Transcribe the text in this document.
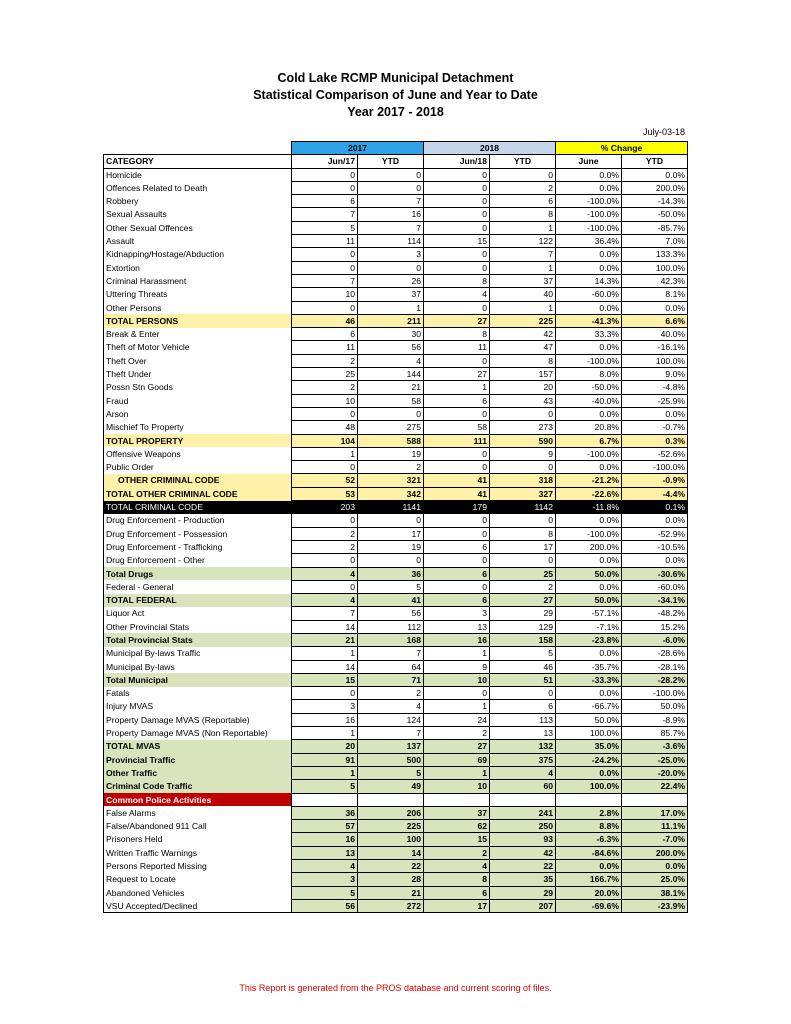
Cold Lake RCMP Municipal Detachment
Statistical Comparison of June and Year to Date
Year 2017 - 2018
July-03-18
	2017		2018		% Change	
CATEGORY	Jun/17	YTD	Jun/18	YTD	June	YTD
Homicide	0	0	0	0	0.0%	0.0%
Offences Related to Death	0	0	0	2	0.0%	200.0%
Robbery	6	7	0	6	-100.0%	-14.3%
Sexual Assaults	7	16	0	8	-100.0%	-50.0%
Other Sexual Offences	5	7	0	1	-100.0%	-85.7%
Assault	11	114	15	122	36.4%	7.0%
Kidnapping/Hostage/Abduction	0	3	0	7	0.0%	133.3%
Extortion	0	0	0	1	0.0%	100.0%
Criminal Harassment	7	26	8	37	14.3%	42.3%
Uttering Threats	10	37	4	40	-60.0%	8.1%
Other Persons	0	1	0	1	0.0%	0.0%
TOTAL PERSONS	46	211	27	225	-41.3%	6.6%
Break & Enter	6	30	8	42	33.3%	40.0%
Theft of Motor Vehicle	11	56	11	47	0.0%	-16.1%
Theft Over	2	4	0	8	-100.0%	100.0%
Theft Under	25	144	27	157	8.0%	9.0%
Possn Stn Goods	2	21	1	20	-50.0%	-4.8%
Fraud	10	58	6	43	-40.0%	-25.9%
Arson	0	0	0	0	0.0%	0.0%
Mischief To Property	48	275	58	273	20.8%	-0.7%
TOTAL PROPERTY	104	588	111	590	6.7%	0.3%
Offensive Weapons	1	19	0	9	-100.0%	-52.6%
Public Order	0	2	0	0	0.0%	-100.0%
OTHER CRIMINAL CODE	52	321	41	318	-21.2%	-0.9%
TOTAL OTHER CRIMINAL CODE	53	342	41	327	-22.6%	-4.4%
TOTAL CRIMINAL CODE	203	1141	179	1142	-11.8%	0.1%
Drug Enforcement - Production	0	0	0	0	0.0%	0.0%
Drug Enforcement - Possession	2	17	0	8	-100.0%	-52.9%
Drug Enforcement - Trafficking	2	19	6	17	200.0%	-10.5%
Drug Enforcement - Other	0	0	0	0	0.0%	0.0%
Total Drugs	4	36	6	25	50.0%	-30.6%
Federal - General	0	5	0	2	0.0%	-60.0%
TOTAL FEDERAL	4	41	6	27	50.0%	-34.1%
Liquor Act	7	56	3	29	-57.1%	-48.2%
Other Provincial Stats	14	112	13	129	-7.1%	15.2%
Total Provincial Stats	21	168	16	158	-23.8%	-6.0%
Municipal By-laws Traffic	1	7	1	5	0.0%	-28.6%
Municipal By-laws	14	64	9	46	-35.7%	-28.1%
Total Municipal	15	71	10	51	-33.3%	-28.2%
Fatals	0	2	0	0	0.0%	-100.0%
Injury MVAS	3	4	1	6	-66.7%	50.0%
Property Damage MVAS (Reportable)	16	124	24	113	50.0%	-8.9%
Property Damage MVAS (Non Reportable)	1	7	2	13	100.0%	85.7%
TOTAL MVAS	20	137	27	132	35.0%	-3.6%
Provincial Traffic	91	500	69	375	-24.2%	-25.0%
Other Traffic	1	5	1	4	0.0%	-20.0%
Criminal Code Traffic	5	49	10	60	100.0%	22.4%
Common Police Activities						
False Alarms	36	206	37	241	2.8%	17.0%
False/Abandoned 911 Call	57	225	62	250	8.8%	11.1%
Prisoners Held	16	100	15	93	-6.3%	-7.0%
Written Traffic Warnings	13	14	2	42	-84.6%	200.0%
Persons Reported Missing	4	22	4	22	0.0%	0.0%
Request to Locate	3	28	8	35	166.7%	25.0%
Abandoned Vehicles	5	21	6	29	20.0%	38.1%
VSU Accepted/Declined	56	272	17	207	-69.6%	-23.9%
This Report is generated from the PROS database and current scoring of files.
